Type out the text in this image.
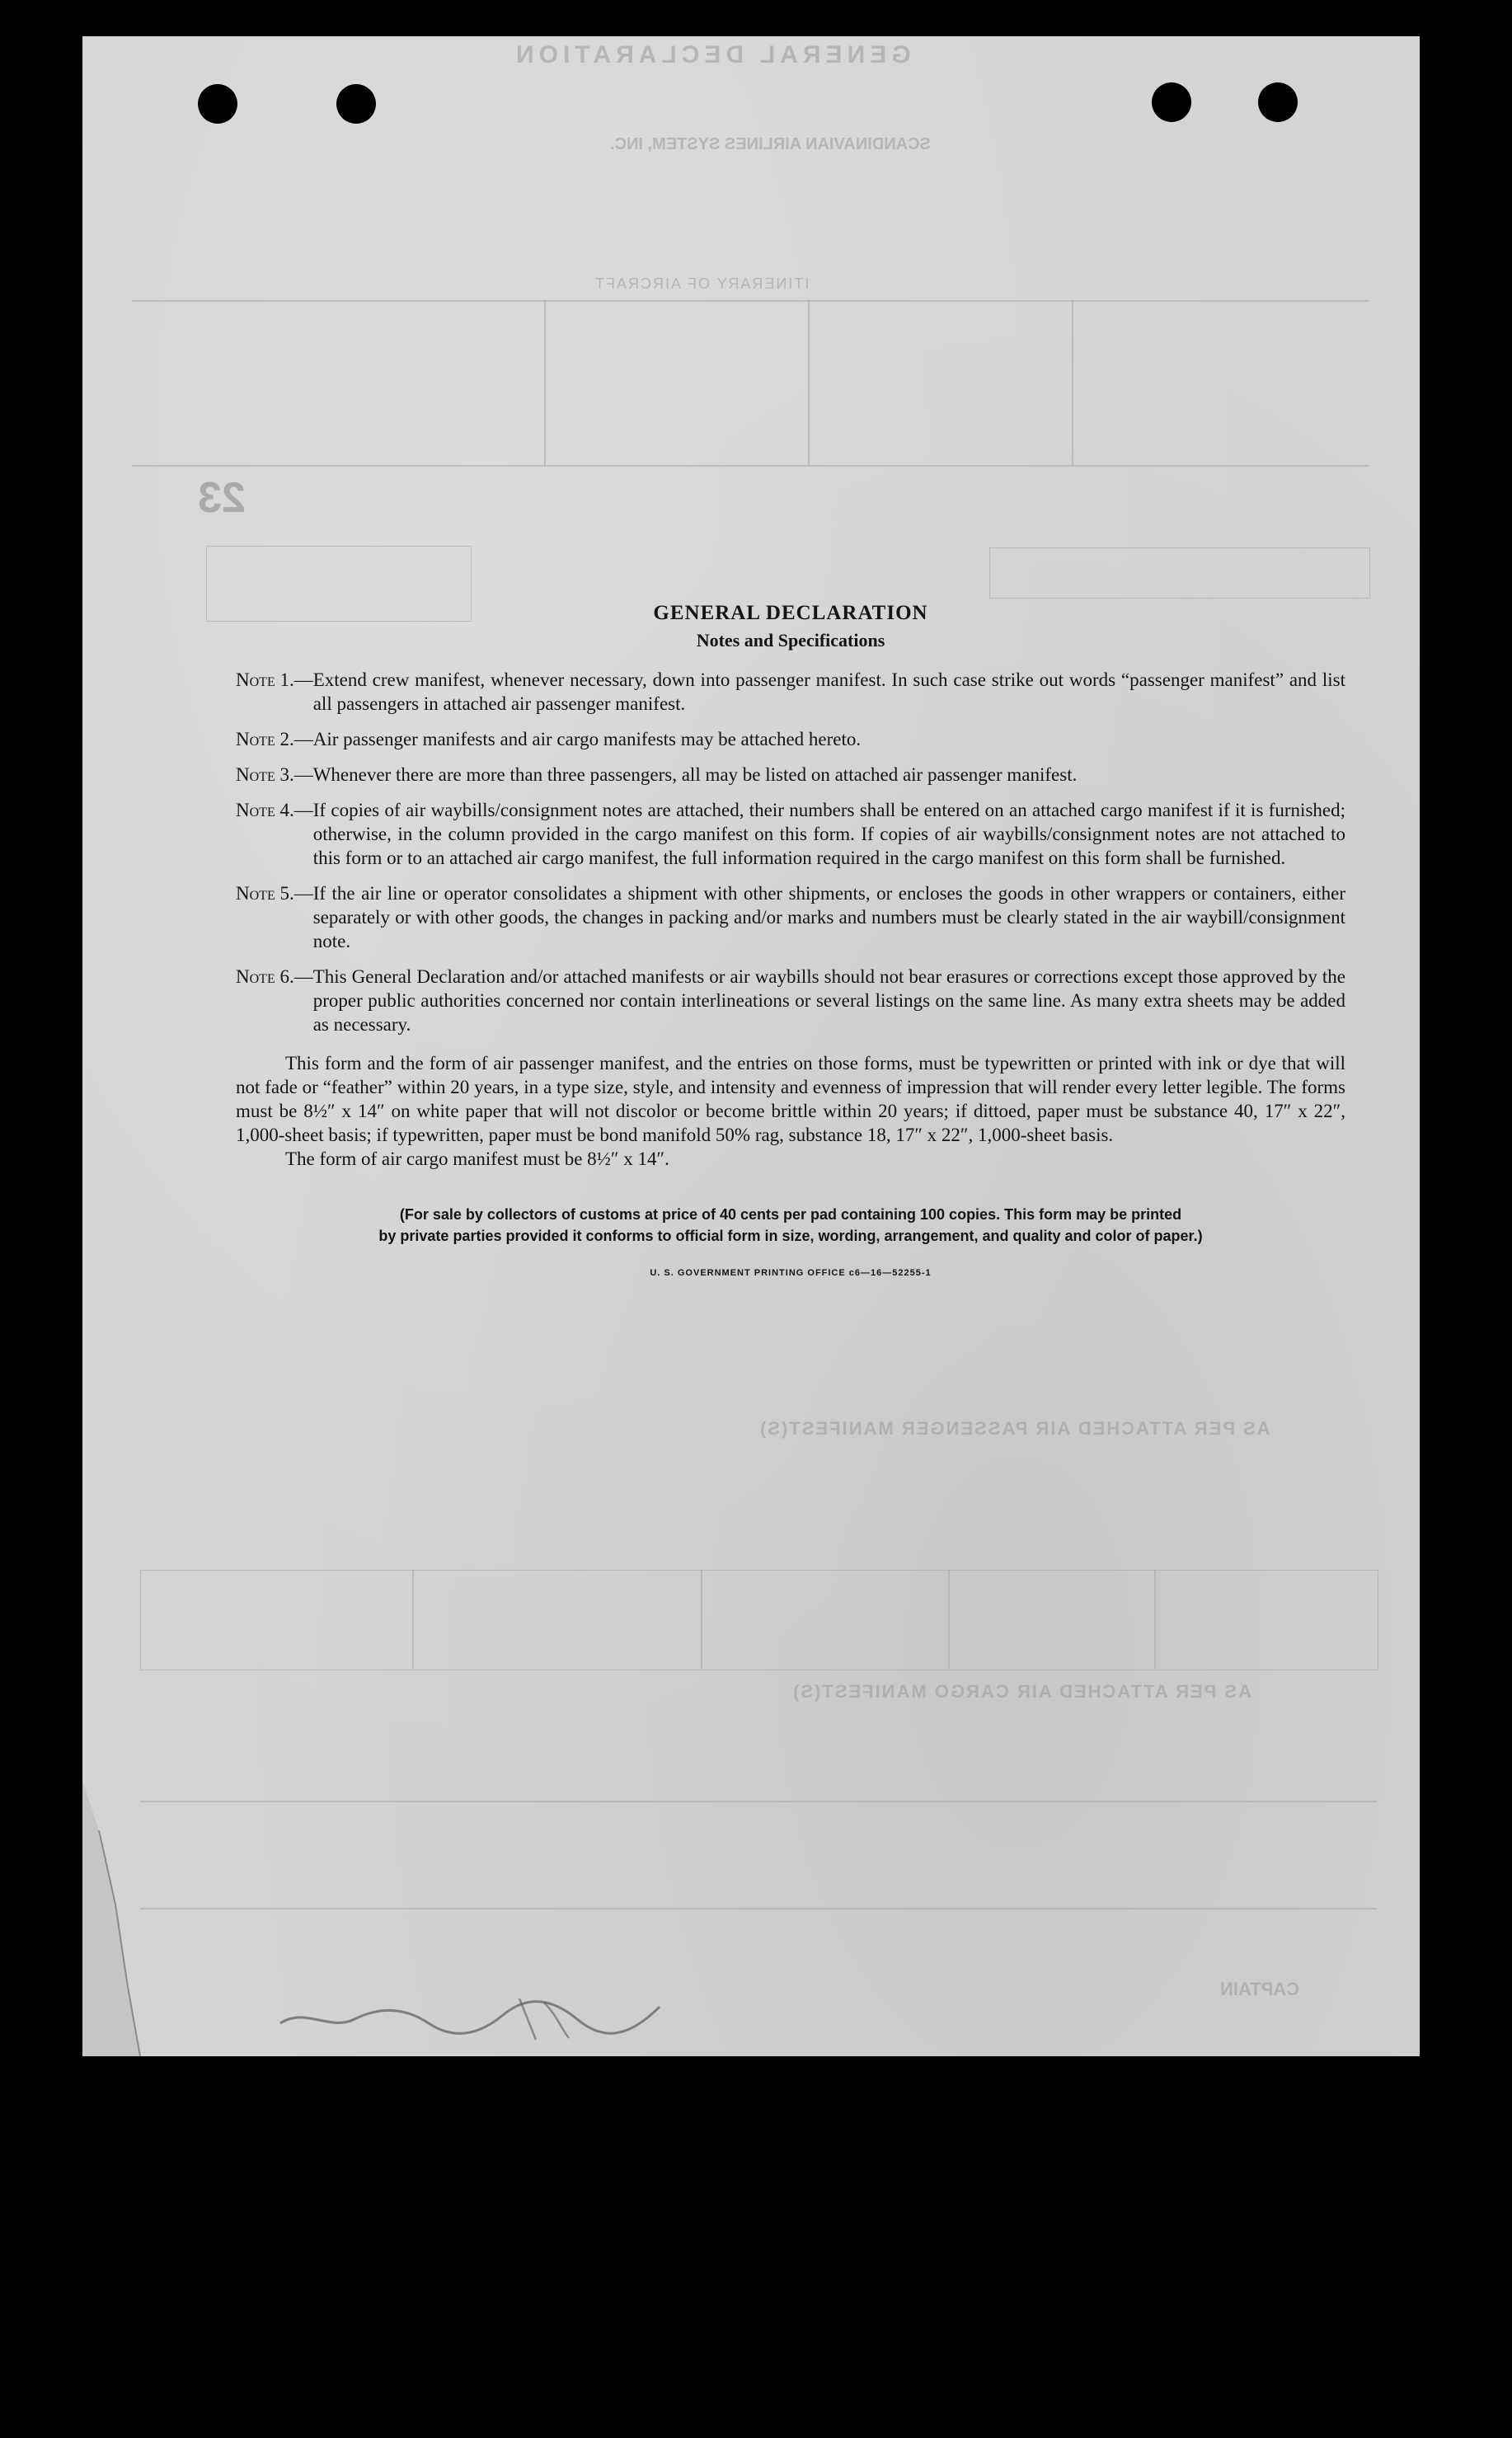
GENERAL DECLARATION
SCANDINAVIAN AIRLINES SYSTEM, INC.
ITINERARY OF AIRCRAFT
23
AS PER ATTACHED AIR PASSENGER MANIFEST(S)
AS PER ATTACHED AIR CARGO MANIFEST(S)
CAPTAIN
GENERAL DECLARATION
Notes and Specifications
Note 1.— Extend crew manifest, whenever necessary, down into passenger manifest. In such case strike out words “passenger manifest” and list all passengers in attached air passenger manifest.
Note 2.— Air passenger manifests and air cargo manifests may be attached hereto.
Note 3.— Whenever there are more than three passengers, all may be listed on attached air passenger manifest.
Note 4.— If copies of air waybills/consignment notes are attached, their numbers shall be entered on an attached cargo manifest if it is furnished; otherwise, in the column provided in the cargo manifest on this form. If copies of air waybills/consignment notes are not attached to this form or to an attached air cargo manifest, the full information required in the cargo manifest on this form shall be furnished.
Note 5.— If the air line or operator consolidates a shipment with other shipments, or encloses the goods in other wrappers or containers, either separately or with other goods, the changes in packing and/or marks and numbers must be clearly stated in the air waybill/consignment note.
Note 6.— This General Declaration and/or attached manifests or air waybills should not bear erasures or corrections except those approved by the proper public authorities concerned nor contain interlineations or several listings on the same line. As many extra sheets may be added as necessary.
This form and the form of air passenger manifest, and the entries on those forms, must be typewritten or printed with ink or dye that will not fade or “feather” within 20 years, in a type size, style, and intensity and evenness of impression that will render every letter legible. The forms must be 8½″ x 14″ on white paper that will not discolor or become brittle within 20 years; if dittoed, paper must be substance 40, 17″ x 22″, 1,000-sheet basis; if typewritten, paper must be bond manifold 50% rag, substance 18, 17″ x 22″, 1,000-sheet basis.
The form of air cargo manifest must be 8½″ x 14″.
(For sale by collectors of customs at price of 40 cents per pad containing 100 copies. This form may be printed
by private parties provided it conforms to official form in size, wording, arrangement, and quality and color of paper.)
U. S. GOVERNMENT PRINTING OFFICE c6—16—52255-1
